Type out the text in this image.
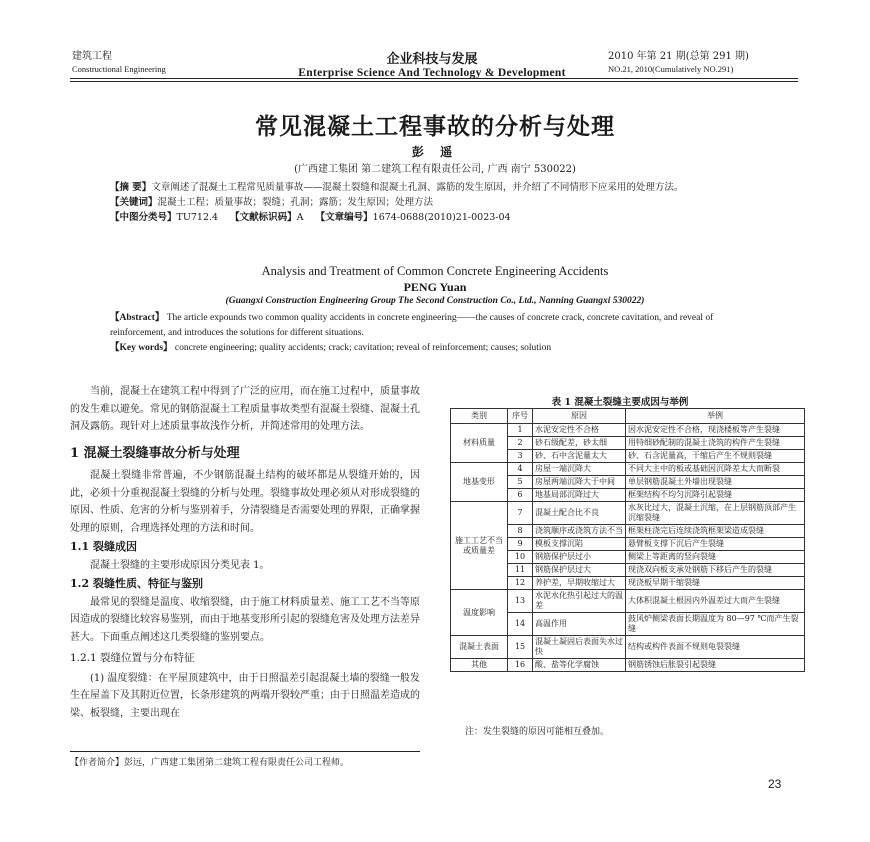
建筑工程
Constructional Engineering
企业科技与发展
Enterprise Science And Technology & Development
2010 年第 21 期(总第 291 期)
NO.21, 2010(Cumulatively NO.291)
常见混凝土工程事故的分析与处理
彭 遥
(广西建工集团 第二建筑工程有限责任公司, 广西 南宁 530022)
【摘 要】文章阐述了混凝土工程常见质量事故——混凝土裂缝和混凝土孔洞、露筋的发生原因，并介绍了不同情形下应采用的处理方法。
【关键词】混凝土工程；质量事故；裂缝；孔洞；露筋；发生原因；处理方法
【中图分类号】TU712.4 【文献标识码】A 【文章编号】1674-0688(2010)21-0023-04
Analysis and Treatment of Common Concrete Engineering Accidents
PENG Yuan
(Guangxi Construction Engineering Group The Second Construction Co., Ltd., Nanning Guangxi 530022)
【Abstract】 The article expounds two common quality accidents in concrete engineering——the causes of concrete crack, concrete cavitation, and reveal of reinforcement, and introduces the solutions for different situations.
【Key words】 concrete engineering; quality accidents; crack; cavitation; reveal of reinforcement; causes; solution

当前，混凝土在建筑工程中得到了广泛的应用，而在施工过程中，质量事故的发生难以避免。常见的钢筋混凝土工程质量事故类型有混凝土裂缝、混凝土孔洞及露筋。现针对上述质量事故浅作分析，并简述常用的处理方法。

1 混凝土裂缝事故分析与处理

混凝土裂缝非常普遍，不少钢筋混凝土结构的破坏都是从裂缝开始的，因此，必须十分重视混凝土裂缝的分析与处理。裂缝事故处理必须从对形成裂缝的原因、性质、危害的分析与鉴别着手，分清裂缝是否需要处理的界限，正确掌握处理的原则，合理选择处理的方法和时间。

1.1 裂缝成因

混凝土裂缝的主要形成原因分类见表 1。

1.2 裂缝性质、特征与鉴别

最常见的裂缝是温度、收缩裂缝，由于施工材料质量差、施工工艺不当等原因造成的裂缝比较容易鉴别，而由于地基变形所引起的裂缝危害及处理方法差异甚大。下面重点阐述这几类裂缝的鉴别要点。

1.2.1 裂缝位置与分布特征

(1) 温度裂缝：在平屋顶建筑中，由于日照温差引起混凝土墙的裂缝一般发生在屋盖下及其附近位置，长条形建筑的两端开裂较严重；由于日照温差造成的梁、板裂缝，主要出现在

表 1 混凝土裂缝主要成因与举例
类别	序号	原因	举例
材料质量	1	水泥安定性不合格	因水泥安定性不合格，现浇楼板等产生裂缝
	2	砂石级配差，砂太细	用特细砂配制的混凝土浇筑的构件产生裂缝
	3	砂、石中含泥量太大	砂、石含泥量高，干缩后产生不规则裂缝
地基变形	4	房屋一端沉降大	不同大主中的板或基础因沉降差太大而断裂
	5	房屋两端沉降大于中间	单层钢筋混凝土外墙出现裂缝
	6	地基局部沉降过大	框架结构不均匀沉降引起裂缝
施工工艺不当或质量差	7	混凝土配合比不良	水灰比过大，混凝土沉缩，在上层钢筋顶部产生沉缩裂缝
	8	浇筑顺序或浇筑方法不当	框架柱浇完后连续浇筑框架梁造成裂缝
	9	模板支撑沉陷	悬臂板支撑下沉后产生裂缝
	10	钢筋保护层过小	侧梁上等距离的竖向裂缝
	11	钢筋保护层过大	现浇双向板支承处钢筋下移后产生的裂缝
	12	养护差，早期收缩过大	现浇板早期干缩裂缝
温度影响	13	水泥水化热引起过大的温差	大体积混凝土根因内外温差过大而产生裂缝
	14	高温作用	鼓风炉侧梁表面长期温度为 80—97 ℃而产生裂缝
混凝土表面	15	混凝土凝固后表面失水过快	结构或构件表面不规则龟裂裂缝
其他	16	酸、盐等化学腐蚀	钢筋锈蚀后胀裂引起裂缝
注：发生裂缝的原因可能相互叠加。
【作者简介】彭远，广西建工集团第二建筑工程有限责任公司工程师。
23
